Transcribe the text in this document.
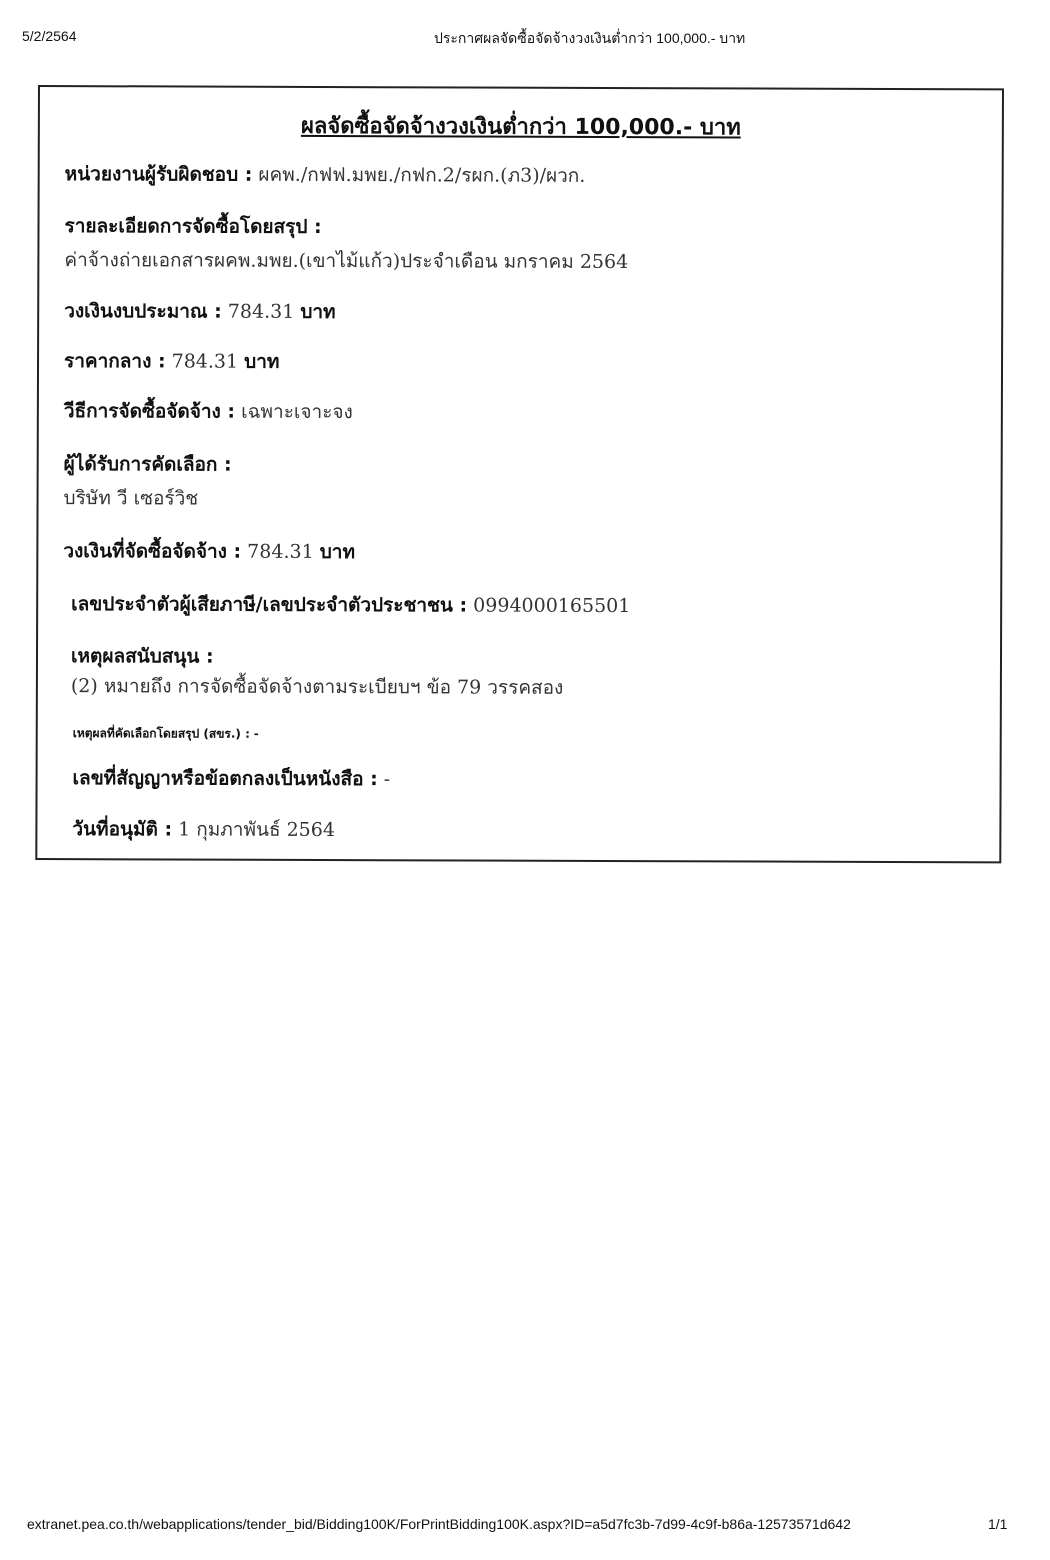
5/2/2564	ประกาศผลจัดซื้อจัดจ้างวงเงินต่ำกว่า 100,000.- บาท
ผลจัดซื้อจัดจ้างวงเงินต่ำกว่า 100,000.- บาท
หน่วยงานผู้รับผิดชอบ : ผคพ./กฟฟ.มพย./กฟก.2/รผก.(ภ3)/ผวก.
รายละเอียดการจัดซื้อโดยสรุป :
ค่าจ้างถ่ายเอกสารผคพ.มพย.(เขาไม้แก้ว)ประจำเดือน มกราคม 2564
วงเงินงบประมาณ : 784.31 บาท
ราคากลาง : 784.31 บาท
วีธีการจัดซื้อจัดจ้าง : เฉพาะเจาะจง
ผู้ได้รับการคัดเลือก :
บริษัท วี เซอร์วิช
วงเงินที่จัดซื้อจัดจ้าง : 784.31 บาท
เลขประจำตัวผู้เสียภาษี/เลขประจำตัวประชาชน : 0994000165501
เหตุผลสนับสนุน :
(2) หมายถึง การจัดซื้อจัดจ้างตามระเบียบฯ ข้อ 79 วรรคสอง
เหตุผลที่คัดเลือกโดยสรุป (สขร.) : -
เลขที่สัญญาหรือข้อตกลงเป็นหนังสือ : -
วันที่อนุมัติ : 1 กุมภาพันธ์ 2564
extranet.pea.co.th/webapplications/tender_bid/Bidding100K/ForPrintBidding100K.aspx?ID=a5d7fc3b-7d99-4c9f-b86a-12573571d642	1/1
